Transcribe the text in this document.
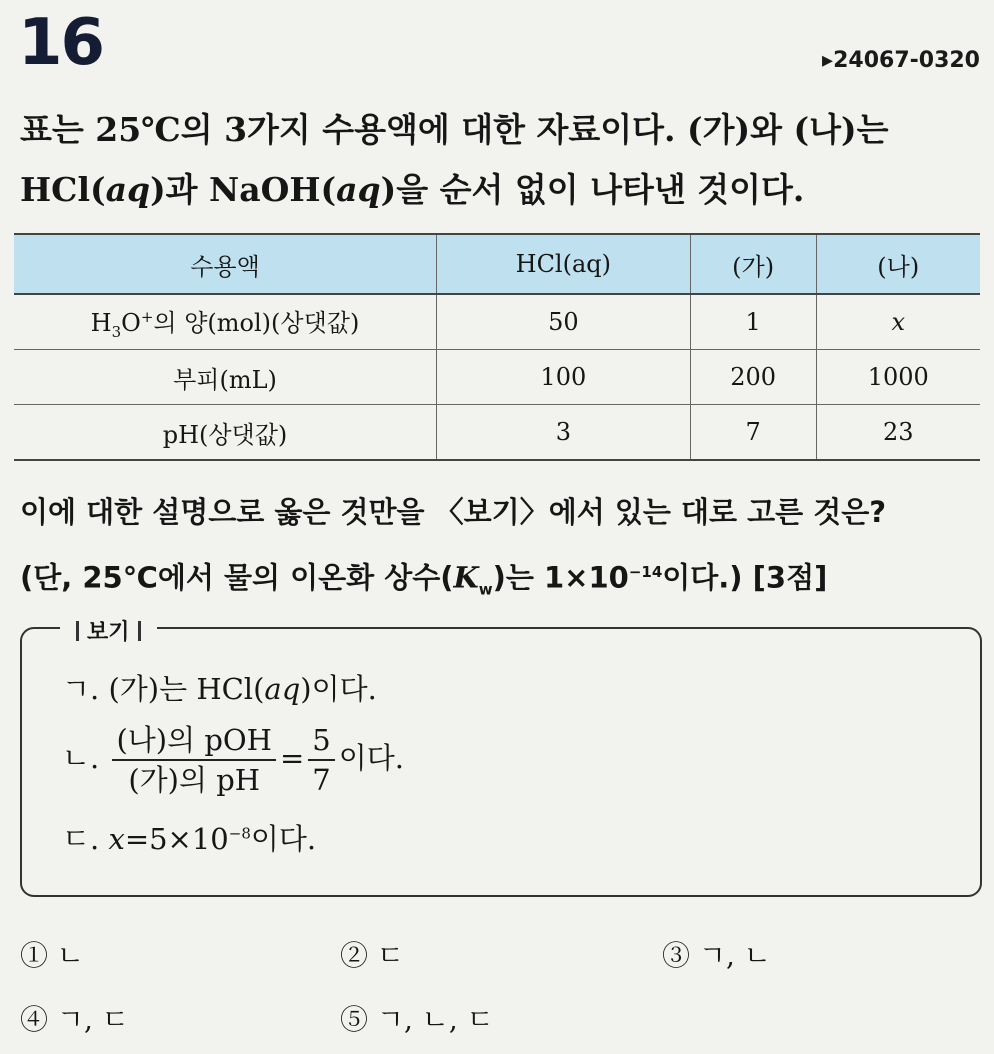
16	▸24067-0320

표는 25℃의 3가지 수용액에 대한 자료이다. (가)와 (나)는

HCl(aq)과 NaOH(aq)을 순서 없이 나타낸 것이다.

수용액	HCl(aq)	(가)	(나)
$H_3O^+$의 양(mol)(상댓값)	50	1	x
부피(mL)	100	200	1000
pH(상댓값)	3	7	23

이에 대한 설명으로 옳은 것만을 〈보기〉에서 있는 대로 고른 것은?

(단, 25℃에서 물의 이온화 상수$(K_w)$는 $1\times 10^{-14}$이다.) [3점]

보기
ㄱ. (가)는 HCl(aq)이다.
ㄴ. $\frac{\text{(나)의 pOH}}{\text{(가)의 pH}} = \frac{5}{7}$ 이다.
ㄷ. $x=5\times 10^{-8}$이다.
① ㄴ	② ㄷ	③ ㄱ, ㄴ
④ ㄱ, ㄷ	⑤ ㄱ, ㄴ, ㄷ
